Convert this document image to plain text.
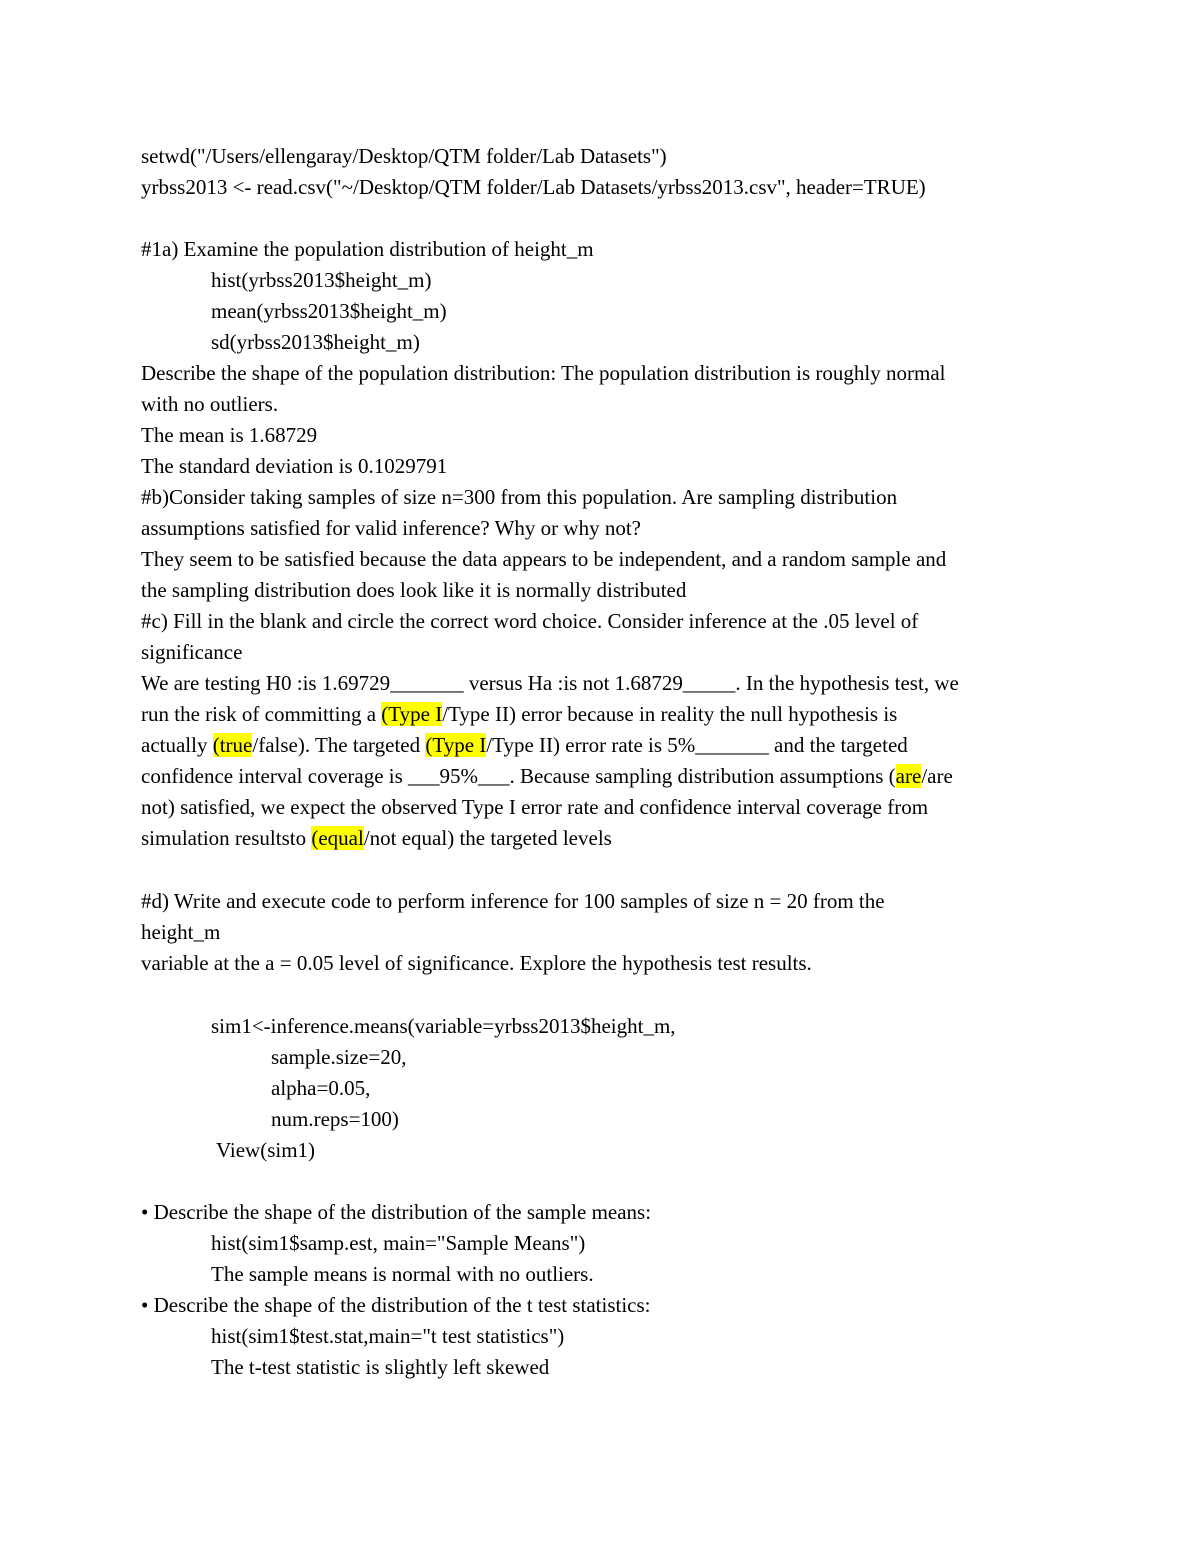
setwd("/Users/ellengaray/Desktop/QTM folder/Lab Datasets")
yrbss2013 <- read.csv("~/Desktop/QTM folder/Lab Datasets/yrbss2013.csv", header=TRUE)
#1a) Examine the population distribution of height_m
hist(yrbss2013$height_m)
mean(yrbss2013$height_m)
sd(yrbss2013$height_m)
Describe the shape of the population distribution: The population distribution is roughly normal
with no outliers.
The mean is 1.68729
The standard deviation is 0.1029791
#b)Consider taking samples of size n=300 from this population. Are sampling distribution
assumptions satisfied for valid inference? Why or why not?
They seem to be satisfied because the data appears to be independent, and a random sample and
the sampling distribution does look like it is normally distributed
#c) Fill in the blank and circle the correct word choice. Consider inference at the .05 level of
significance
We are testing H0 :is 1.69729_______ versus Ha :is not 1.68729_____. In the hypothesis test, we
run the risk of committing a (Type I/Type II) error because in reality the null hypothesis is
actually (true/false). The targeted (Type I/Type II) error rate is 5%_______ and the targeted
confidence interval coverage is ___95%___. Because sampling distribution assumptions (are/are
not) satisfied, we expect the observed Type I error rate and confidence interval coverage from
simulation resultsto (equal/not equal) the targeted levels
#d) Write and execute code to perform inference for 100 samples of size n = 20 from the
height_m
variable at the a = 0.05 level of significance. Explore the hypothesis test results.
sim1<-inference.means(variable=yrbss2013$height_m,
sample.size=20,
alpha=0.05,
num.reps=100)
View(sim1)
• Describe the shape of the distribution of the sample means:
hist(sim1$samp.est, main="Sample Means")
The sample means is normal with no outliers.
• Describe the shape of the distribution of the t test statistics:
hist(sim1$test.stat,main="t test statistics")
The t-test statistic is slightly left skewed
